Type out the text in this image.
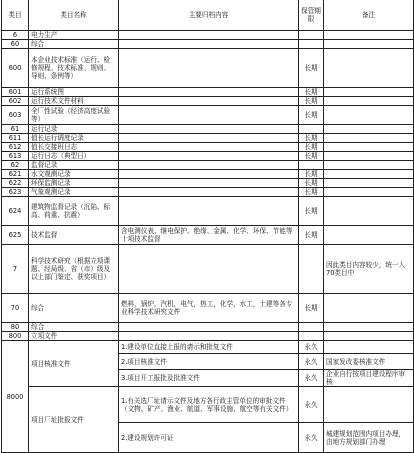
类目	类目名称	主要归档内容	保管期限	备注
6	电力生产			
60	综合			
600	本企业技术标准（运行、检修规程、技术标准、规则、导则、条例等）		长期	
601	运行系统图		长期	
602	运行技术文件材料		长期	
603	全厂性试验（经济高度试验等）		长期	
61	运行记录			
611	值长运行调度记录		长期	
612	值长交接班日志		长期	
613	运行日志（典型日）		长期	
62	监督记录			
621	水文观测记录		长期	
622	环保监测记录		长期	
623	气象观测记录		长期	
624	建筑物监督记录（沉陷、标高、荷重、抗震）		长期	
625	技术监督	含电测仪表、继电保护、绝缘、金属、化学、环保、节能等十项技术监督	长期	
7	科学技术研究（根据立项课题、经局级、省（市）级及以上部门鉴定、获奖项目）			因此类目内容较少，统一入70类目中
70	综合	燃料，锅炉，汽机，电气，热工，化学，水工，土建等各专业科学技术研究文件	长期	
80	综合			
800	立项文件			
8000	项目核准文件	1.建设单位直接上报的请示和批复文件	永久	
		2.项目核准文件	永久	国家发改委核准文件
		3.项目开工报批及批准文件	永久	企业自行按项目建设程序审核
	项目厂址批报文件	1.有关选厂址请示文件及地方各行政主管单位的审批文件（文物、矿产、渔业、航道、军事设施、航空等有关文件）	永久	
		2.建设规划许可证	永久	城建规划范围内项目办理，由地方规划部门办理
